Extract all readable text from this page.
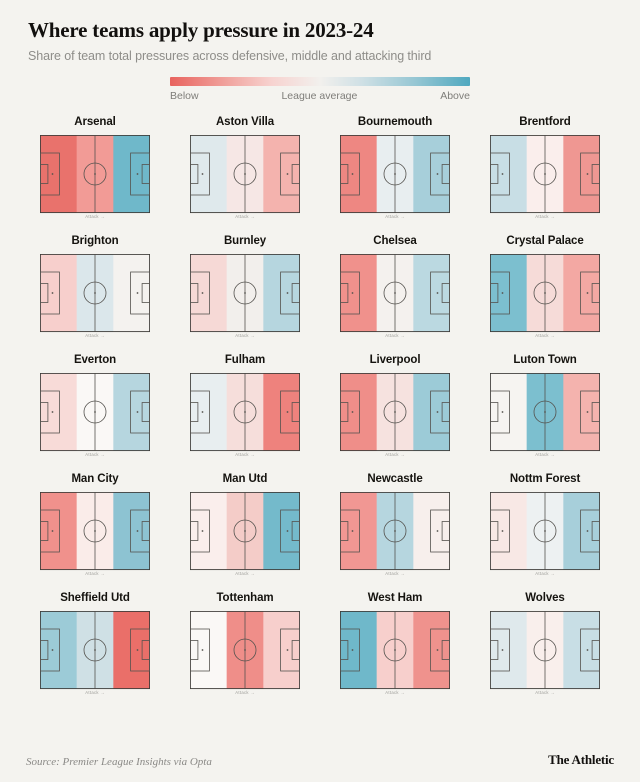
Where teams apply pressure in 2023-24

Share of team total pressures across defensive, middle and attacking third

Below	League average	Above
Arsenal
Attack →
Aston Villa
Attack →
Bournemouth
Attack →
Brentford
Attack →
Brighton
Attack →
Burnley
Attack →
Chelsea
Attack →
Crystal Palace
Attack →
Everton
Attack →
Fulham
Attack →
Liverpool
Attack →
Luton Town
Attack →
Man City
Attack →
Man Utd
Attack →
Newcastle
Attack →
Nottm Forest
Attack →
Sheffield Utd
Attack →
Tottenham
Attack →
West Ham
Attack →
Wolves
Attack →
Source: Premier League Insights via Opta	The Athletic
